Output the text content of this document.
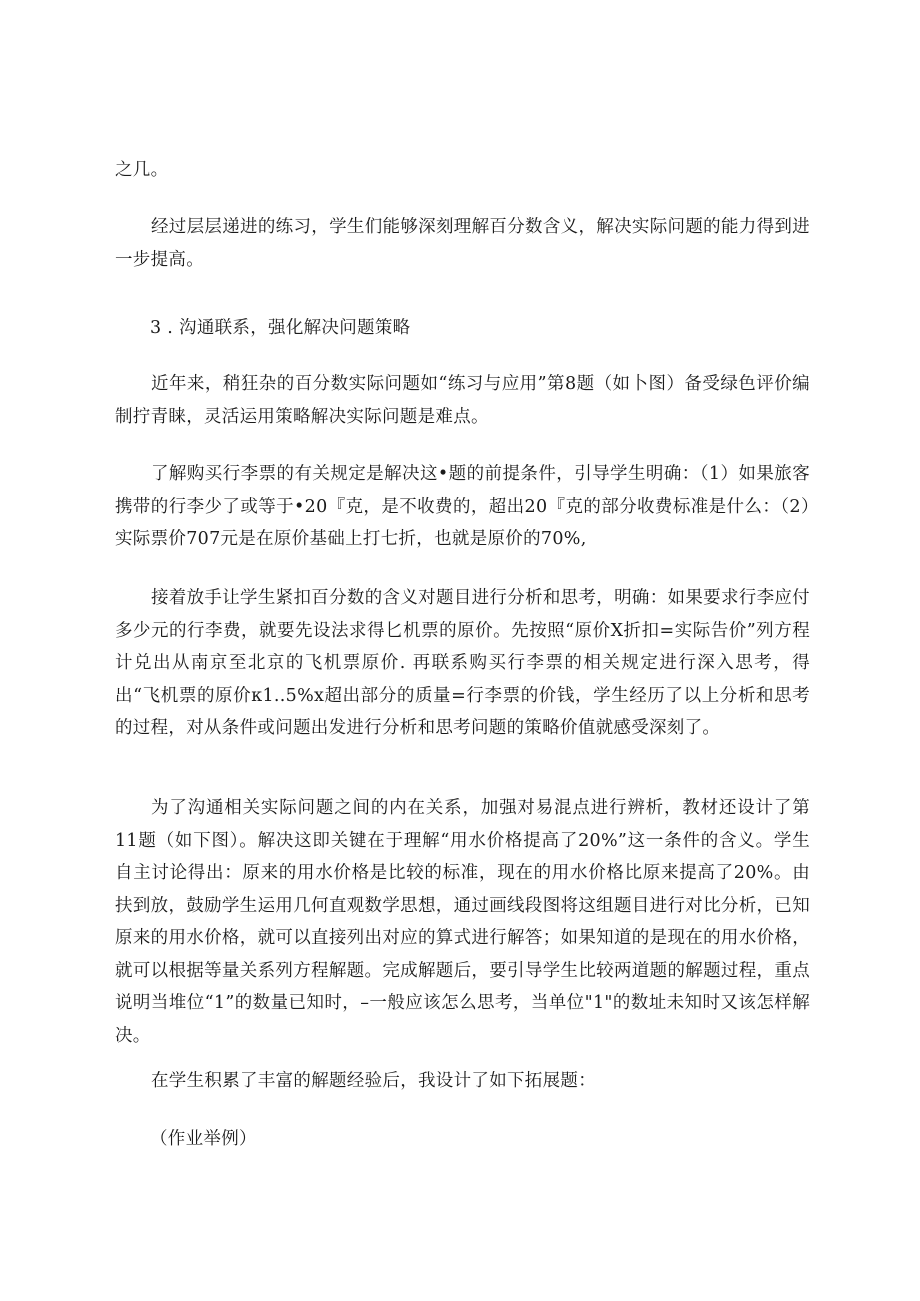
之几。

经过层层递进的练习，学生们能够深刻理解百分数含义，解决实际问题的能力得到进一步提高。

3 . 沟通联系，强化解决问题策略

近年来，稍狂杂的百分数实际问题如“练习与应用”第8题（如卜图）备受绿色评价编制拧青睐，灵活运用策略解决实际问题是难点。

了解购买行李票的有关规定是解决这•题的前提条件，引导学生明确：（1）如果旅客携带的行李少了或等于•20『克，是不收费的，超出20『克的部分收费标准是什么：（2）实际票价707元是在原价基础上打七折，也就是原价的70%,

接着放手让学生紧扣百分数的含义对题目进行分析和思考，明确：如果要求行李应付多少元的行李费，就要先设法求得匕机票的原价。先按照“原价X折扣=实际告价”列方程计兑出从南京至北京的飞机票原价. 再联系购买行李票的相关规定进行深入思考，得出“飞机票的原价κ1..5%x超出部分的质量=行李票的价钱，学生经历了以上分析和思考的过程，对从条件或问题出发进行分析和思考问题的策略价值就感受深刻了。

为了沟通相关实际问题之间的内在关系，加强对易混点进行辨析，教材还设计了第11题（如下图）。解决这即关键在于理解“用水价格提高了20%”这一条件的含义。学生自主讨论得出：原来的用水价格是比较的标准，现在的用水价格比原来提高了20%。由扶到放，鼓励学生运用几何直观数学思想，通过画线段图将这组题目进行对比分析，已知原来的用水价格，就可以直接列出对应的算式进行解答；如果知道的是现在的用水价格，就可以根据等量关系列方程解题。完成解题后，要引导学生比较两道题的解题过程，重点说明当堆位“1”的数量已知时，–一般应该怎么思考，当单位"1"的数址未知时又该怎样解决。

在学生积累了丰富的解题经验后，我设计了如下拓展题：

（作业举例）
